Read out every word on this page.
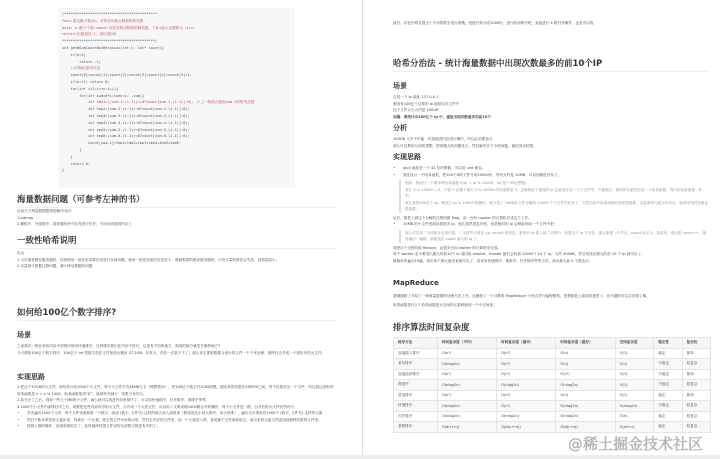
/*******************************************
func:给定骰子数目n，求所有可能点数和的种类数
para: n:骰子个数;count:存放各种点数和的种类数，下标i表示点数和为（i+n）
return:出错返回-1，成功返回0
*******************************************/
int getNSumCountNotRecusion(int n, int* count){
if(n<1)
return -1;
//初始化最初状态
count[0]=count[1]=count[2]=count[3]=count[4]=count[5]=1;
if(n==1) return 0;
for(int i=2;i<=n;i++){
for(int sum=6*i;sum>=i;--sum){
int tmp1=((sum-1-(i-1))>=0?count[sum-1-(i-1)]:0); //上一阶段点数和sum-1的排列总数
int tmp2=(sum-2-(i-1)>=0?count[sum-2-(i-1)]:0);
int tmp3=(sum-3-(i-1)>=0?count[sum-3-(i-1)]:0);
int tmp4=(sum-4-(i-1)>=0?count[sum-4-(i-1)]:0);
int tmp5=(sum-5-(i-1)>=0?count[sum-5-(i-1)]:0);
int tmp6=(sum-6-(i-1)>=0?count[sum-6-(i-1)]:0);
count[sum-i]=tmp1+tmp2+tmp3+tmp4+tmp5+tmp6;
}
}
return 0;
}
海量数据问题（可参考左神的书）

目前关于海量数据想到的解决办法:

1.bitmap

2.桶排序、外部排序、将需要的两个队列进行归并，不用全部放到内存上

一致性哈希说明

优点

1.当后端是缓存服务器时，经常使用一致性哈希算法来进行负载均衡。使用一致性哈希的好处在于，增减集群的缓存服务器时，只有少量的缓存会失效，回源量较小。

2.尽量减少数据迁移问题，减少移动数据的问题

如何给100亿个数字排序?
场景

之前我们一般在单机内存中的排序使用快速排序，这种排序我们在内存中进行，这是有不同的地方，相同的地方就是在哪些地方?

今天要给100亿个数字排序，100亿个 int 型数字放在文件里面大概有 37.2GB，非常大，内存一次装不下了。那么肯定要把数据分成小的文件一个个来处理，最终在合并成一个排好序的大文件。

实现思路

1.把这个37GB的大文件，用哈希分成1000个小文件，每个小文件平均38MB左右（理想情况），把100亿个数字对1000取模，模出来的结果在0到999之间，每个结果对应一个文件，所以我这里取的哈希函数是 h = x % 1000，哈希函数取得"好"，能使冲突减小，结果分布均匀。

2.拆分完了之后，得到一些几十MB的小文件，那么就可以放进内存里排序了，可以用快速排序，归并排序，堆排序等等。

3.1000个小文件内部排好序之后，就要把这些内部有序的小文件，合并成一个大的文件，可以用二叉堆来做1000路合并的操作，每个小文件是一路，合并后的大文件仍然有序。

• 首先遍历1000个文件，每个文件里面取第一个数字，组成 (数字, 文件号) 这样的组合加入到堆里（假设是从小到大排序，用小顶堆），遍历完后堆里有1000个 (数字, 文件号) 这样的元素
• 然后不断从堆顶拿元素出来，每拿出一个元素，把它的文件号读取出来，然后去对应的文件里，加一个元素进入堆，直到那个文件被读取完。拿出来的元素当然追加到最终结果的文件里。
• 按照上面的操作，直到堆被取空了，此时最终结果文件里的全部数字就是有序的了。

最后，评论中网友提出了不同的数字进行取模，是提升到分成1000份，进行的部排序吧，直接进行 k 路归并操作，也是可以的。

哈希分治法 - 统计海量数据中出现次数最多的前10个IP
场景

这是一个 ip 地址 127.0.0.1

假设有100亿个这样的 ip 地址存在文件中

这个文件大小大约是 100GB

问题：要统计出100亿个 ip 中，重复出现次数最多的前10个

分析

100GB 几乎不可能一次加载进内存进行操作，所以必须要拆分

那么可以利用分治的思想，把规模大的问题化小，然后解决各个小的问题，最后得出结果。

实现思路
• ipv4 地址是一个 32 位的整数，可以用 uint 保存。
• 我先设计一个哈希函数，把100个G的文件分成10000份，每份大约是 10MB，可以加载进内存了。

例如：我设计一个简单的哈希函数 f(ip) = ip % 10000，(ip 是个32位整数)

那么 5 % 10000 = 5，不管 5 在哪个地方 5 % 10000 的结果都是 5，这就保证了相同的 ip 会被放在同一个子文件中，方便统计，相同的元素经过同一个哈希函数，得出的哈希值是一样的。

那么我把100亿个 ip，都进行 ip % 10000 的操作，就完成了 100GB 文件分解成 10000 个子文件的任务了。当然实际中哈希函数的选取很重要，尽量使得元素分布均匀，哈希冲突的处理也很重要。

证后，我把上面这个分解的过程叫做 Map，由一台叫 master 的计算机完成这个工作。

• 10MB 的小文件里面存着很多 ip，他们虽然是乱序的，但是相同的 ip 会映射到同一个文件中来！

那么可以用二叉树统计出现次数，二叉树节点保存 (ip, count) 的信息，把所有 ip 插入到二叉树中，如果这个 ip 不存在，那么新建一个节点，count 标记 1，如果有，那么把 count++，最终遍历一遍树，就能找出 count 最大的 ip 了。

我把这个过程叫做 Reduce，由很多台叫 worker 的计算机来完成。

每个 worker 至少要找出最大的前10个 ip 返回给 master，master 最后会收到 10000 * 10 个 ip，大约 400KB，然后再找出最大的前 10 个 ip 就可以了。

最简单的遍历10遍，每次拿个最大值出来就可以了，或者用快速排序，堆排序，归并排序等等方法，找出最大前 k 个数也行。

MapReduce

我刚刚除了介绍了一种海量数据的处理方法之外，还顺便了一个谷歌的 MapReduce 分布式并行编程模型，思想就是上面说的意思了，有兴趣的可以去详细了解。

哈希函数是什么? 哈希函数把大空间的元素映射到一个小空间里。

排序算法时间复杂度
排序方法	时间复杂度（平均）	时间复杂度（最坏）	时间复杂度（最好）	空间复杂度	稳定性	复杂性
直接插入排序	O(n²)	O(n²)	O(n)	O(1)	稳定	简单
希尔排序	O(nlog2n)	O(n²)	O(n)	O(1)	不稳定	较复杂
直接选择排序	O(n²)	O(n²)	O(n²)	O(1)	不稳定	简单
堆排序	O(nlog2n)	O(nlog2n)	O(nlog2n)	O(1)	不稳定	较复杂
冒泡排序	O(n²)	O(n²)	O(n)	O(1)	稳定	简单
快速排序	O(nlog2n)	O(n²)	O(nlog2n)	O(nlog2n)	不稳定	较复杂
归并排序	O(nlog2n)	O(nlog2n)	O(nlog2n)	O(n)	稳定	较复杂
基数排序	O(d(r+n))	O(d(n+rd))	O(d(r+n))	O(rd+n)	稳定	较复杂
@稀土掘金技术社区
